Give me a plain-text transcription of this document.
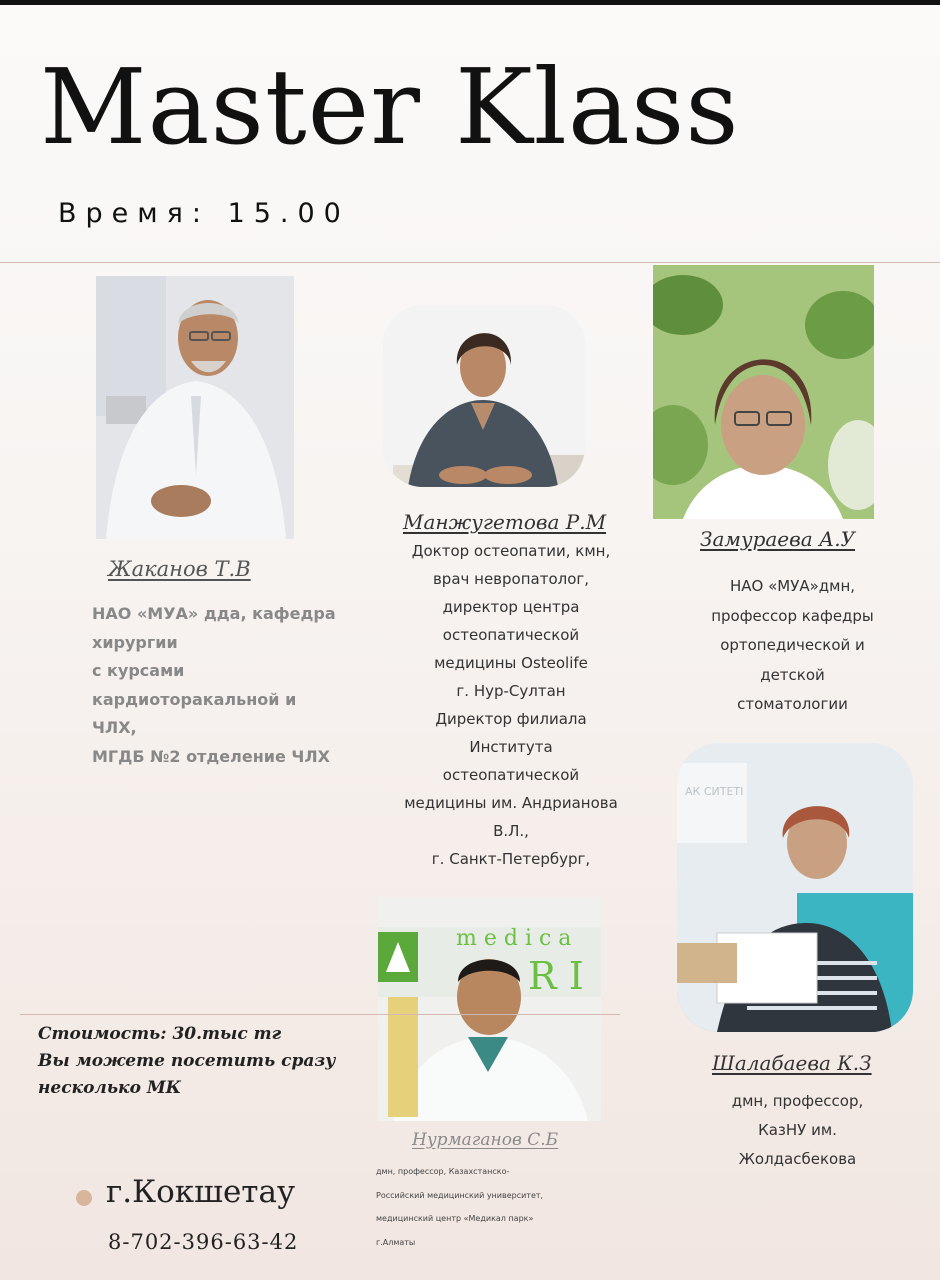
Master Klass
Время: 15.00
Жаканов Т.В
НАО «МУА» дда, кафедра
хирургии
с курсами
кардиоторакальной и
ЧЛХ,
МГДБ №2 отделение ЧЛХ
Манжугетова Р.М
Доктор остеопатии, кмн,
врач невропатолог,
директор центра
остеопатической
медицины Osteolife
г. Нур-Султан
Директор филиала
Института
остеопатической
медицины им. Андрианова
В.Л.,
г. Санкт-Петербург,
Замураева А.У
НАО «МУА»дмн,
профессор кафедры
ортопедической и
детской
стоматологии
АК СИТЕТІ
Шалабаева К.З
дмн, профессор,
КазНУ им.
Жолдасбекова
m e d i c a
R I
Нурмаганов С.Б
дмн, профессор, Казахстанско-
Российский медицинский университет,
медицинский центр «Медикал парк»
г.Алматы
Стоимость: 30.тыс тг
Вы можете посетить сразу
несколько МК
г.Кокшетау
8-702-396-63-42
